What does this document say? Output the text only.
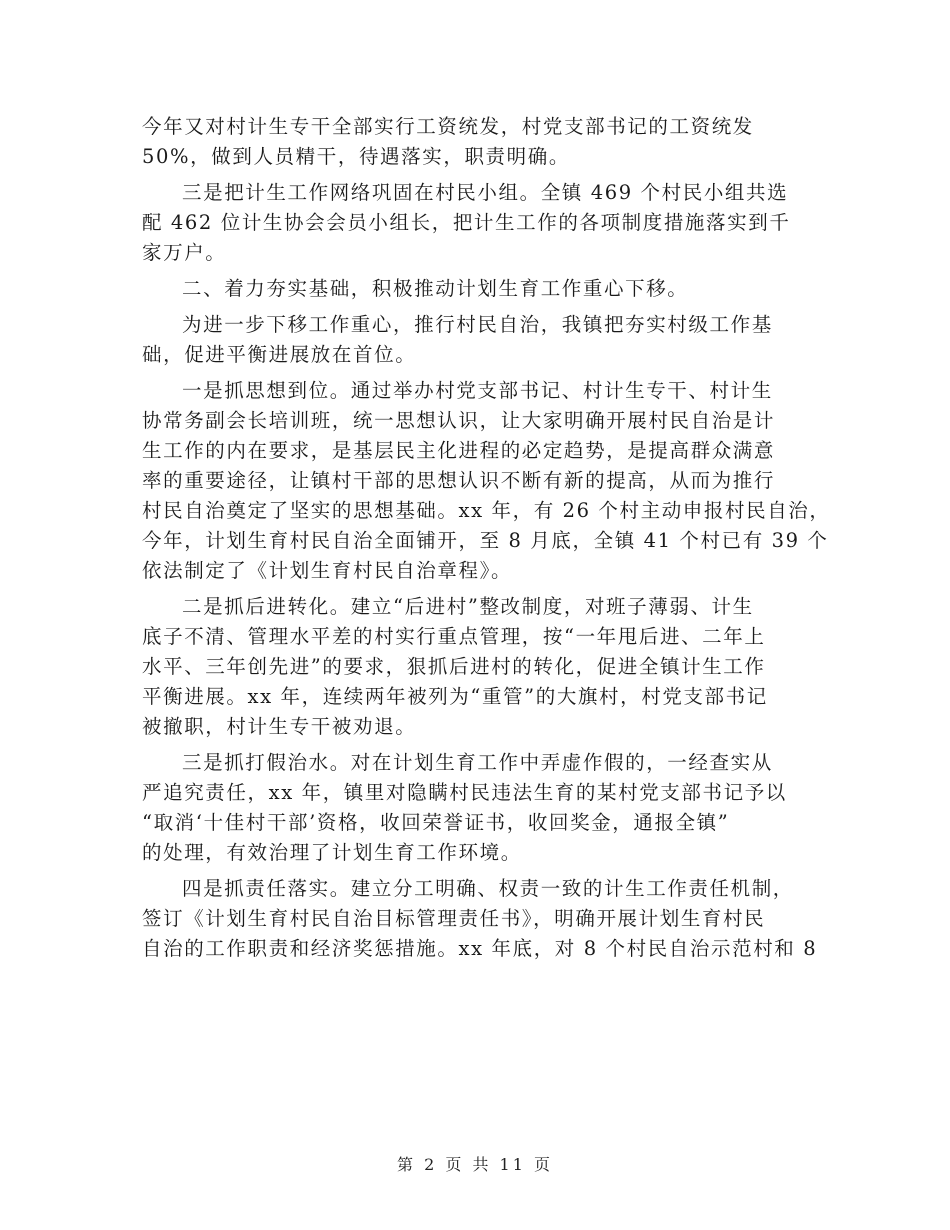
今年又对村计生专干全部实行工资统发，村党支部书记的工资统发
50%，做到人员精干，待遇落实，职责明确。
三是把计生工作网络巩固在村民小组。全镇 469 个村民小组共选
配 462 位计生协会会员小组长，把计生工作的各项制度措施落实到千
家万户。
二、着力夯实基础，积极推动计划生育工作重心下移。
为进一步下移工作重心，推行村民自治，我镇把夯实村级工作基
础，促进平衡进展放在首位。
一是抓思想到位。通过举办村党支部书记、村计生专干、村计生
协常务副会长培训班，统一思想认识，让大家明确开展村民自治是计
生工作的内在要求，是基层民主化进程的必定趋势，是提高群众满意
率的重要途径，让镇村干部的思想认识不断有新的提高，从而为推行
村民自治奠定了坚实的思想基础。xx 年，有 26 个村主动申报村民自治，
今年，计划生育村民自治全面铺开，至 8 月底，全镇 41 个村已有 39 个
依法制定了《计划生育村民自治章程》。
二是抓后进转化。建立“后进村”整改制度，对班子薄弱、计生
底子不清、管理水平差的村实行重点管理，按“一年甩后进、二年上
水平、三年创先进”的要求，狠抓后进村的转化，促进全镇计生工作
平衡进展。xx 年，连续两年被列为“重管”的大旗村，村党支部书记
被撤职，村计生专干被劝退。
三是抓打假治水。对在计划生育工作中弄虚作假的，一经查实从
严追究责任，xx 年，镇里对隐瞒村民违法生育的某村党支部书记予以
“取消‘十佳村干部’资格，收回荣誉证书，收回奖金，通报全镇”
的处理，有效治理了计划生育工作环境。
四是抓责任落实。建立分工明确、权责一致的计生工作责任机制，
签订《计划生育村民自治目标管理责任书》，明确开展计划生育村民
自治的工作职责和经济奖惩措施。xx 年底，对 8 个村民自治示范村和 8
第 2 页 共 11 页
